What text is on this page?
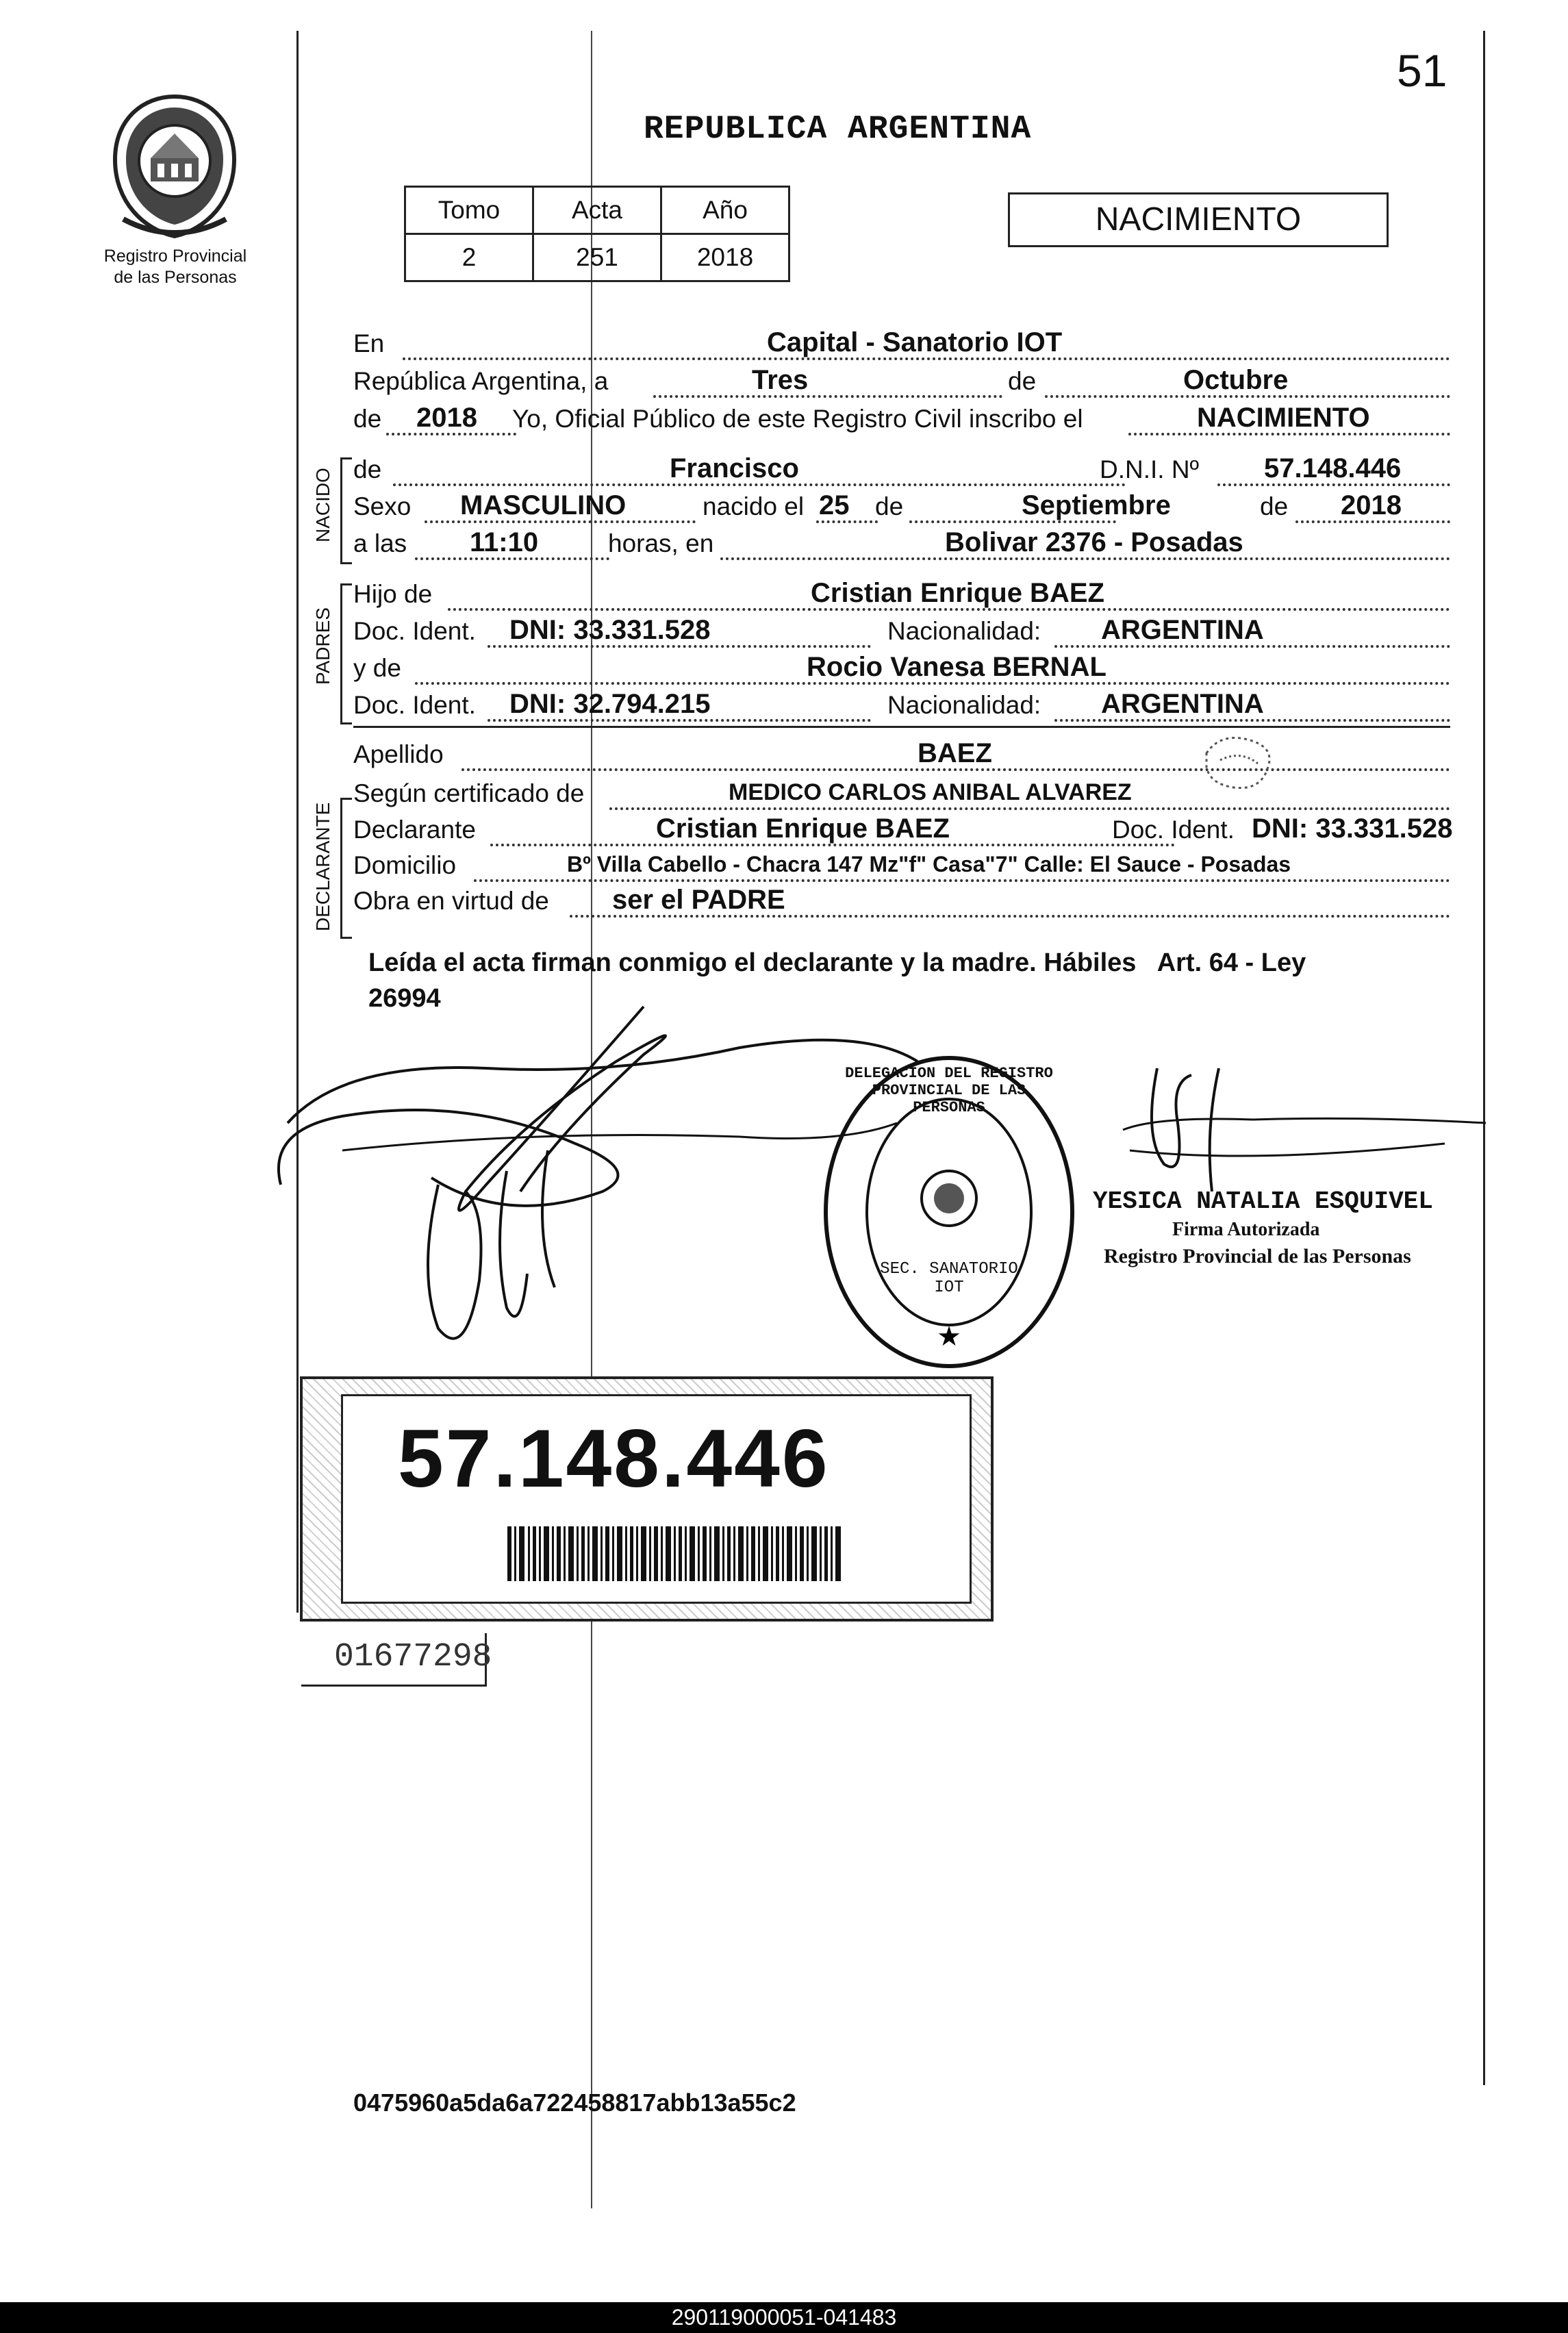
51
Registro Provincial
de las Personas
REPUBLICA ARGENTINA
Tomo	Acta	Año
2	251	2018
NACIMIENTO
En	Capital - Sanatorio IOT
República Argentina, a	Tres	de	Octubre
de 2018 Yo, Oficial Público de este Registro Civil inscribo el	NACIMIENTO
NACIDO de	Francisco	D.N.I. Nº 57.148.446
Sexo MASCULINO	nacido el 25 de	Septiembre	de 2018
a las 11:10	horas, en	Bolivar 2376 - Posadas
PADRES
Hijo de	Cristian Enrique BAEZ
Doc. Ident. DNI: 33.331.528	Nacionalidad: ARGENTINA
y de	Rocio Vanesa BERNAL
Doc. Ident. DNI: 32.794.215	Nacionalidad: ARGENTINA
Apellido	BAEZ
DECLARANTE
Según certificado de	MEDICO CARLOS ANIBAL ALVAREZ
Declarante	Cristian Enrique BAEZ	Doc. Ident. DNI: 33.331.528
Domicilio	Bº Villa Cabello - Chacra 147 Mz"f" Casa"7" Calle: El Sauce - Posadas
Obra en virtud de ser el PADRE
Leída el acta firman conmigo el declarante y la madre. Hábiles   Art. 64 - Ley
26994
★
DELEGACION DEL REGISTRO PROVINCIAL DE LAS PERSONAS
SEC. SANATORIO IOT
YESICA NATALIA ESQUIVEL
Firma Autorizada
Registro Provincial de las Personas
57.148.446
01677298
0475960a5da6a722458817abb13a55c2
290119000051-041483
